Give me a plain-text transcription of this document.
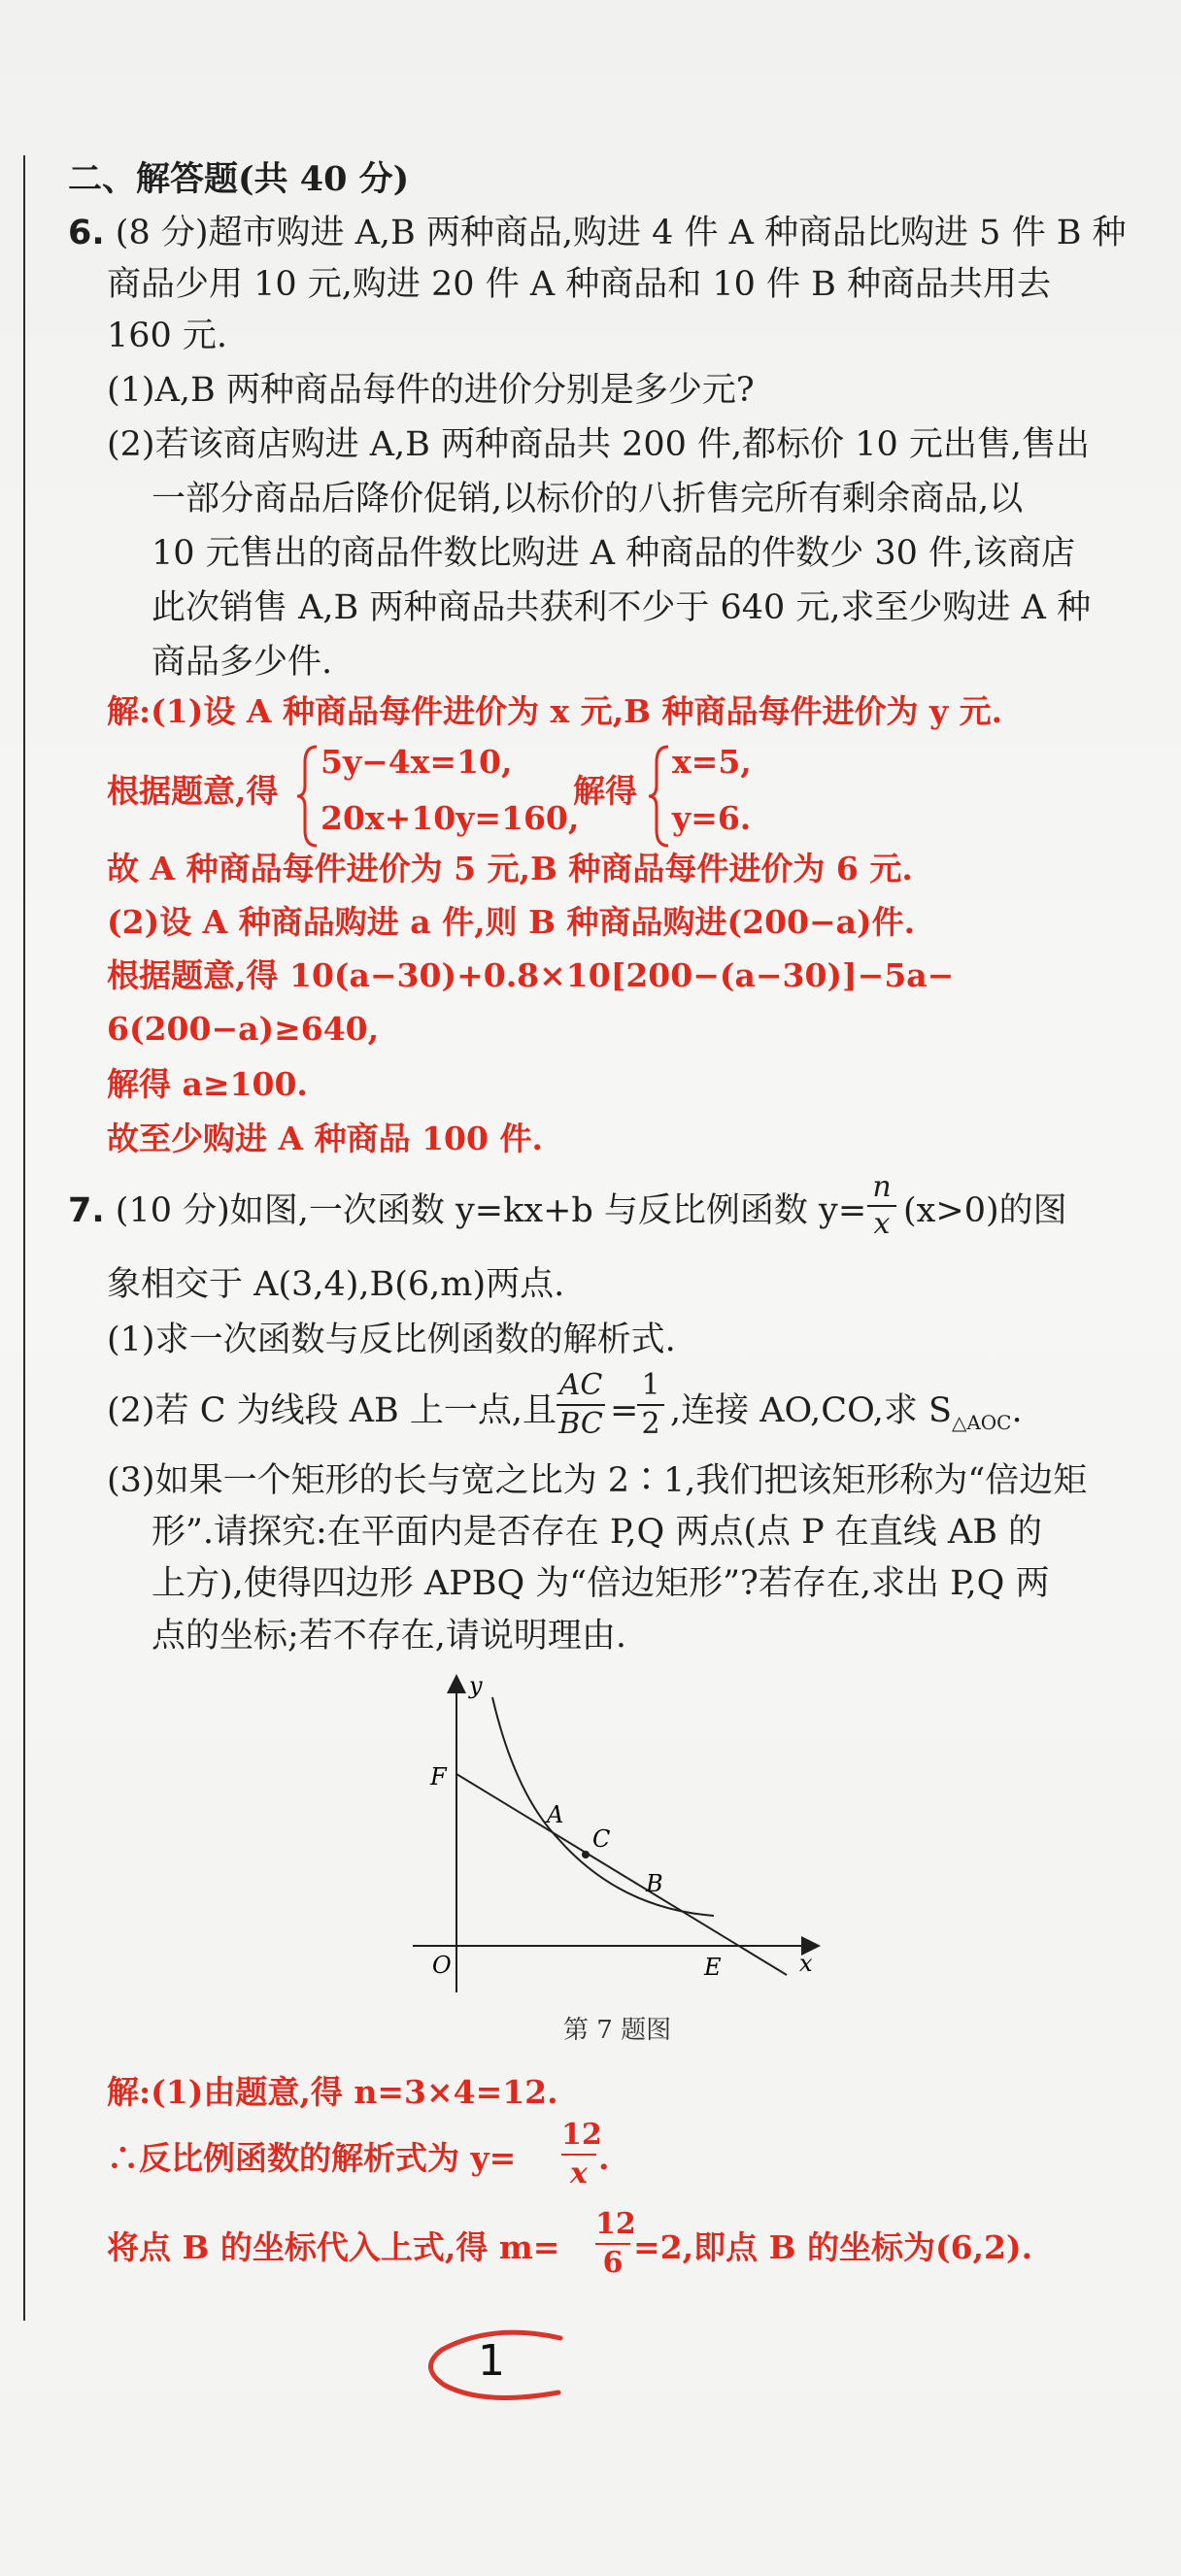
二、解答题(共 40 分)
6. (8 分)超市购进 A,B 两种商品,购进 4 件 A 种商品比购进 5 件 B 种
商品少用 10 元,购进 20 件 A 种商品和 10 件 B 种商品共用去
160 元.
(1)A,B 两种商品每件的进价分别是多少元?
(2)若该商店购进 A,B 两种商品共 200 件,都标价 10 元出售,售出
一部分商品后降价促销,以标价的八折售完所有剩余商品,以
10 元售出的商品件数比购进 A 种商品的件数少 30 件,该商店
此次销售 A,B 两种商品共获利不少于 640 元,求至少购进 A 种
商品多少件.
解:(1)设 A 种商品每件进价为 x 元,B 种商品每件进价为 y 元.
根据题意,得
5y−4x=10,
20x+10y=160,
解得
x=5,
y=6.
故 A 种商品每件进价为 5 元,B 种商品每件进价为 6 元.
(2)设 A 种商品购进 a 件,则 B 种商品购进(200−a)件.
根据题意,得 10(a−30)+0.8×10[200−(a−30)]−5a−
6(200−a)≥640,
解得 a≥100.
故至少购进 A 种商品 100 件.
7. (10 分)如图,一次函数 y=kx+b 与反比例函数 $y= \frac{n}{x} (x>0)$的图
象相交于 A(3,4),B(6,m)两点.
(1)求一次函数与反比例函数的解析式.
(2)若 C 为线段 AB 上一点,且
AC
BC =
1
2 ,连接 AO,CO,求 $S_{\triangle AOC}$.
(3)如果一个矩形的长与宽之比为 2∶1,我们把该矩形称为“倍边矩
形”.请探究:在平面内是否存在 P,Q 两点(点 P 在直线 AB 的
上方),使得四边形 APBQ 为“倍边矩形”?若存在,求出 P,Q 两
点的坐标;若不存在,请说明理由.
y
x
O
F
A
C
B
E
第 7 题图
解:(1)由题意,得 n=3×4=12.
∴反比例函数的解析式为 $y= \frac{12}{x}$ .
将点 B 的坐标代入上式,得 $m= \frac{12}{6} =2$,即点 B 的坐标为(6,2).
1
